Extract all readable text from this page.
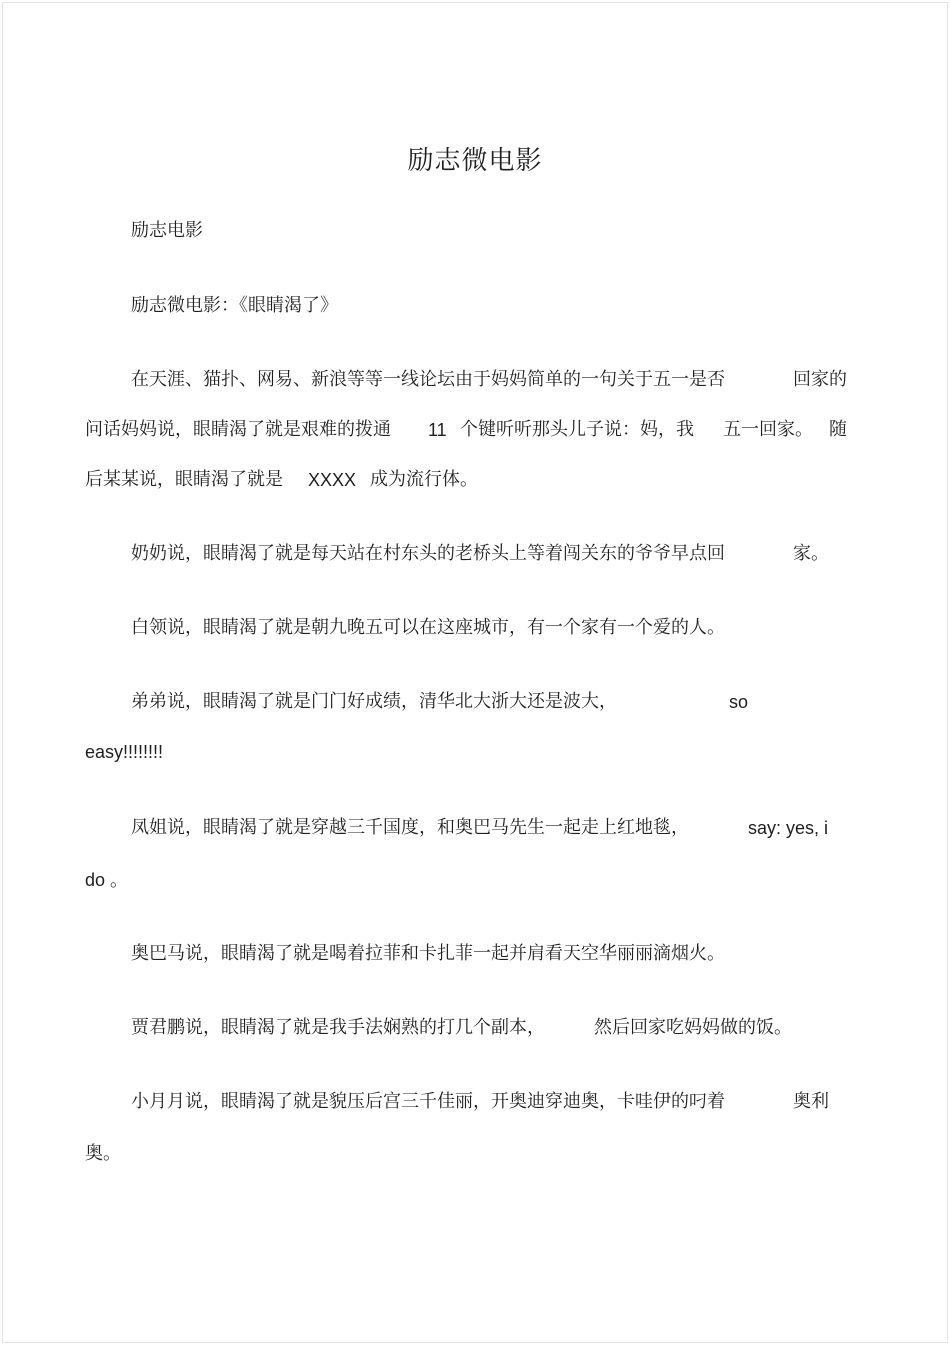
励志微电影
励志电影
励志微电影：《眼睛渴了》
在天涯、猫扑、网易、新浪等等一线论坛由于妈妈简单的一句关于五一是否	回家的
问话妈妈说，眼睛渴了就是艰难的拨通 11 个键听听那头儿子说：妈，我 五一回家。 随
后某某说，眼睛渴了就是 XXXX 成为流行体。
奶奶说，眼睛渴了就是每天站在村东头的老桥头上等着闯关东的爷爷早点回	家。
白领说，眼睛渴了就是朝九晚五可以在这座城市，有一个家有一个爱的人。
弟弟说，眼睛渴了就是门门好成绩，清华北大浙大还是波大，	so
easy!!!!!!!!
凤姐说，眼睛渴了就是穿越三千国度，和奥巴马先生一起走上红地毯，	say: yes, i
do 。
奥巴马说，眼睛渴了就是喝着拉菲和卡扎菲一起并肩看天空华丽丽滴烟火。
贾君鹏说，眼睛渴了就是我手法娴熟的打几个副本，	然后回家吃妈妈做的饭。
小月月说，眼睛渴了就是貌压后宫三千佳丽，开奥迪穿迪奥，卡哇伊的叼着	奥利
奥。
